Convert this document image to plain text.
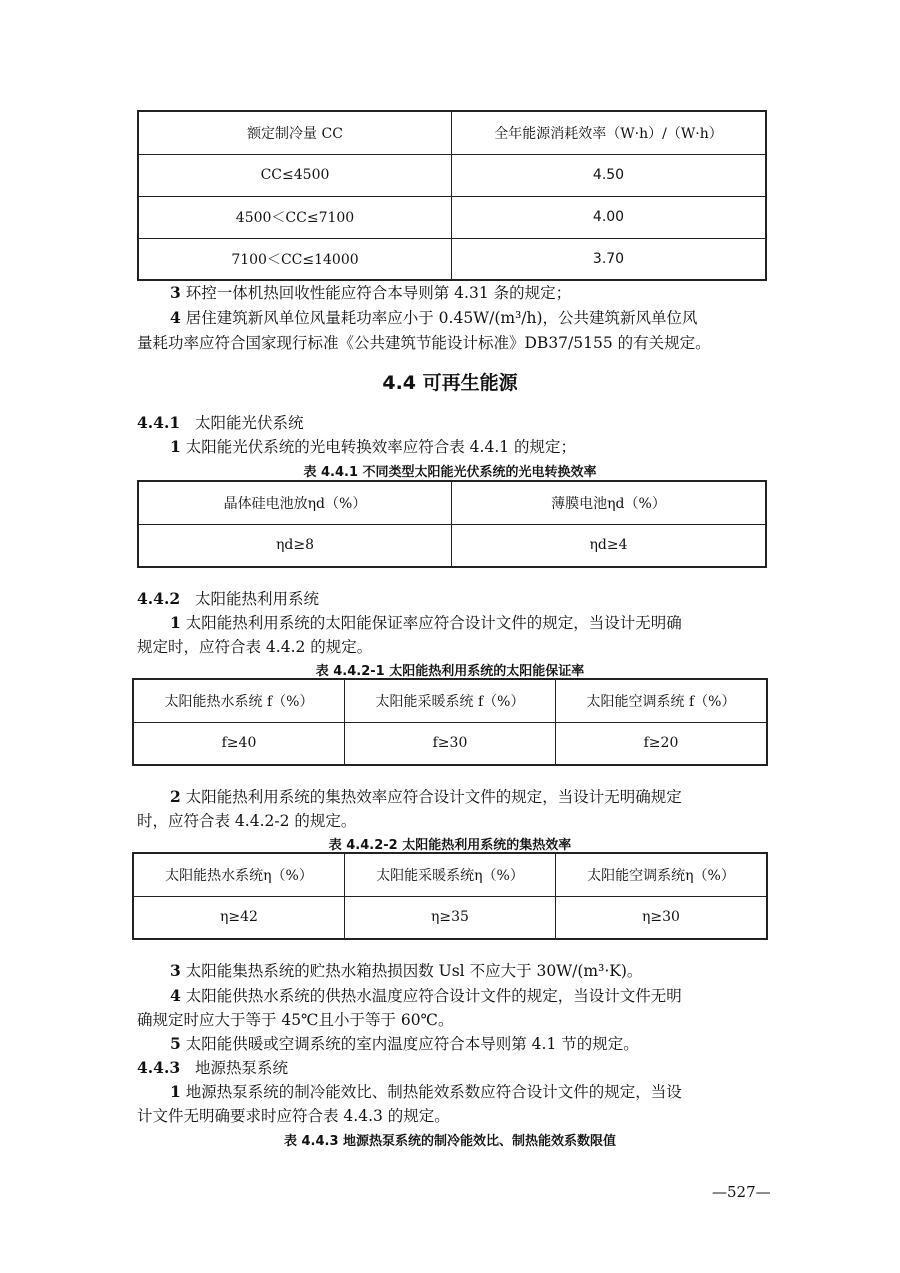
额定制冷量 CC	全年能源消耗效率（W·h）/（W·h）
CC≤4500	4.50
4500＜CC≤7100	4.00
7100＜CC≤14000	3.70
3 环控一体机热回收性能应符合本导则第 4.31 条的规定；
4 居住建筑新风单位风量耗功率应小于 0.45W/(m³/h)，公共建筑新风单位风
量耗功率应符合国家现行标准《公共建筑节能设计标准》DB37/5155 的有关规定。
4.4 可再生能源
4.4.1 太阳能光伏系统
1 太阳能光伏系统的光电转换效率应符合表 4.4.1 的规定；
表 4.4.1 不同类型太阳能光伏系统的光电转换效率
晶体硅电池放ηd（%）	薄膜电池ηd（%）
ηd≥8	ηd≥4
4.4.2 太阳能热利用系统
1 太阳能热利用系统的太阳能保证率应符合设计文件的规定，当设计无明确
规定时，应符合表 4.4.2 的规定。
表 4.4.2-1 太阳能热利用系统的太阳能保证率
太阳能热水系统 f（%）	太阳能采暖系统 f（%）	太阳能空调系统 f（%）
f≥40	f≥30	f≥20
2 太阳能热利用系统的集热效率应符合设计文件的规定，当设计无明确规定
时，应符合表 4.4.2-2 的规定。
表 4.4.2-2 太阳能热利用系统的集热效率
太阳能热水系统η（%）	太阳能采暖系统η（%）	太阳能空调系统η（%）
η≥42	η≥35	η≥30
3 太阳能集热系统的贮热水箱热损因数 Usl 不应大于 30W/(m³·K)。
4 太阳能供热水系统的供热水温度应符合设计文件的规定，当设计文件无明
确规定时应大于等于 45℃且小于等于 60℃。
5 太阳能供暖或空调系统的室内温度应符合本导则第 4.1 节的规定。
4.4.3 地源热泵系统
1 地源热泵系统的制冷能效比、制热能效系数应符合设计文件的规定，当设
计文件无明确要求时应符合表 4.4.3 的规定。
表 4.4.3 地源热泵系统的制冷能效比、制热能效系数限值
—527—
